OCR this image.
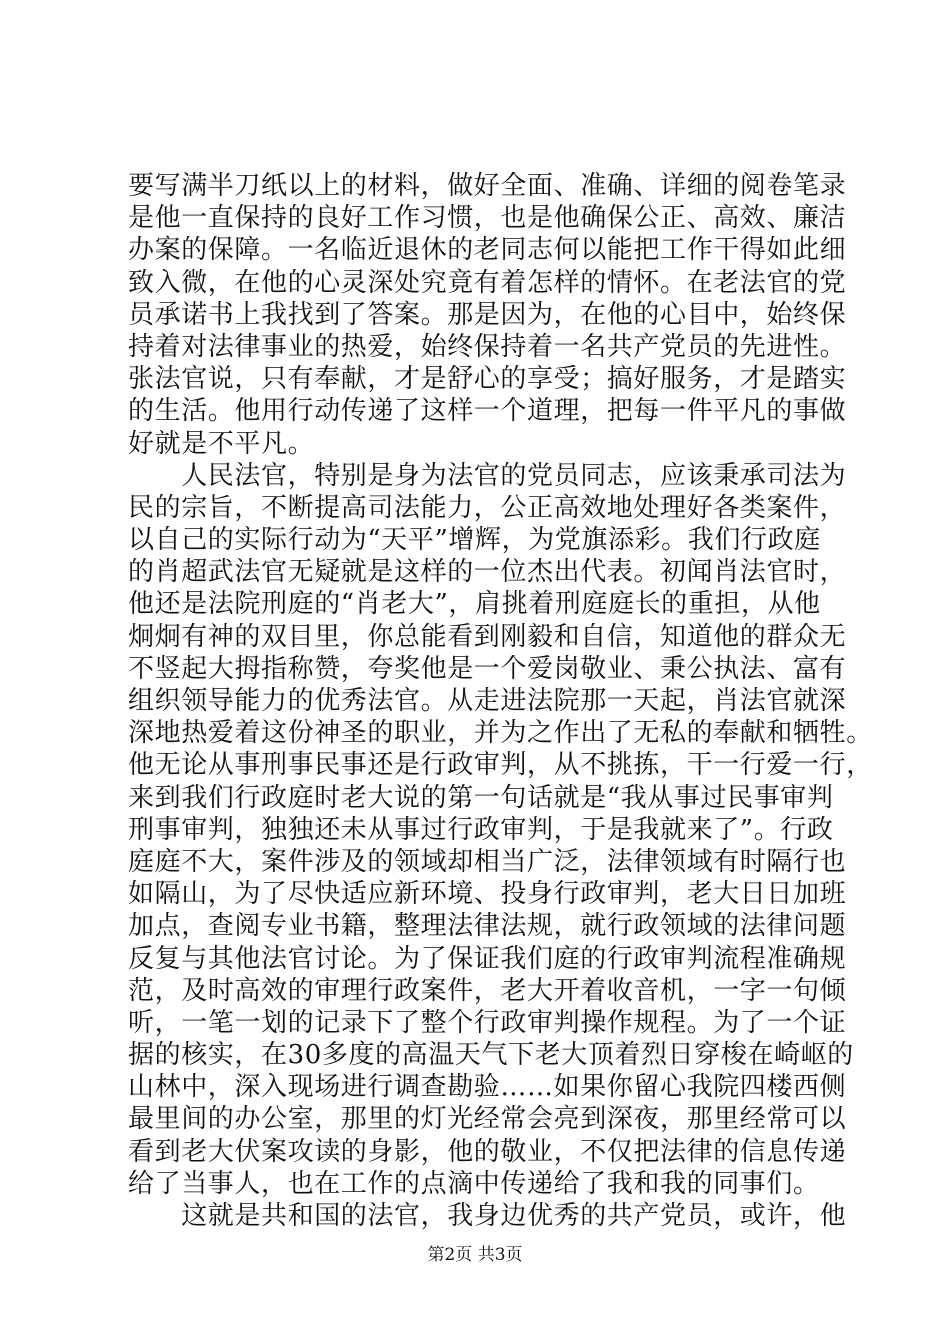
要写满半刀纸以上的材料，做好全面、准确、详细的阅卷笔录
是他一直保持的良好工作习惯，也是他确保公正、高效、廉洁
办案的保障。一名临近退休的老同志何以能把工作干得如此细
致入微，在他的心灵深处究竟有着怎样的情怀。在老法官的党
员承诺书上我找到了答案。那是因为，在他的心目中，始终保
持着对法律事业的热爱，始终保持着一名共产党员的先进性。
张法官说，只有奉献，才是舒心的享受；搞好服务，才是踏实
的生活。他用行动传递了这样一个道理，把每一件平凡的事做
好就是不平凡。
　　人民法官，特别是身为法官的党员同志，应该秉承司法为
民的宗旨，不断提高司法能力，公正高效地处理好各类案件，
以自己的实际行动为“天平”增辉，为党旗添彩。我们行政庭
的肖超武法官无疑就是这样的一位杰出代表。初闻肖法官时，
他还是法院刑庭的“肖老大”，肩挑着刑庭庭长的重担，从他
炯炯有神的双目里，你总能看到刚毅和自信，知道他的群众无
不竖起大拇指称赞，夸奖他是一个爱岗敬业、秉公执法、富有
组织领导能力的优秀法官。从走进法院那一天起，肖法官就深
深地热爱着这份神圣的职业，并为之作出了无私的奉献和牺牲。
他无论从事刑事民事还是行政审判，从不挑拣，干一行爱一行，
来到我们行政庭时老大说的第一句话就是“我从事过民事审判
刑事审判，独独还未从事过行政审判，于是我就来了”。行政
庭庭不大，案件涉及的领域却相当广泛，法律领域有时隔行也
如隔山，为了尽快适应新环境、投身行政审判，老大日日加班
加点，查阅专业书籍，整理法律法规，就行政领域的法律问题
反复与其他法官讨论。为了保证我们庭的行政审判流程准确规
范，及时高效的审理行政案件，老大开着收音机，一字一句倾
听，一笔一划的记录下了整个行政审判操作规程。为了一个证
据的核实，在30多度的高温天气下老大顶着烈日穿梭在崎岖的
山林中，深入现场进行调查勘验……如果你留心我院四楼西侧
最里间的办公室，那里的灯光经常会亮到深夜，那里经常可以
看到老大伏案攻读的身影，他的敬业，不仅把法律的信息传递
给了当事人，也在工作的点滴中传递给了我和我的同事们。
　　这就是共和国的法官，我身边优秀的共产党员，或许，他
第2页 共3页
